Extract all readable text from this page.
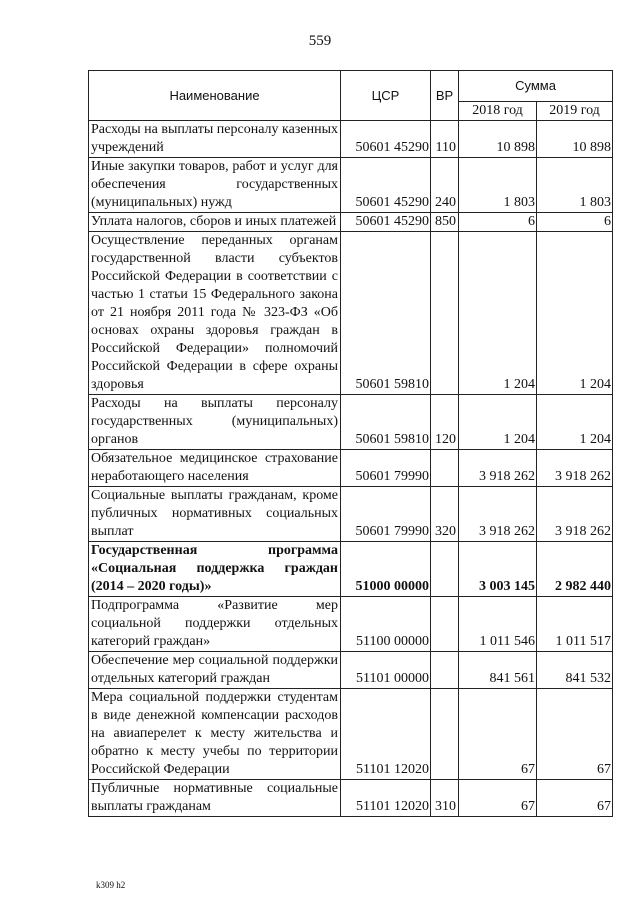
559
Наименование	ЦСР	ВР	Сумма	
			2018 год	2019 год
Расходы на выплаты персоналу казенных учреждений	50601 45290	110	10 898	10 898
Иные закупки товаров, работ и услуг для обеспечения государственных (муниципальных) нужд	50601 45290	240	1 803	1 803
Уплата налогов, сборов и иных платежей	50601 45290	850	6	6
Осуществление переданных органам государственной власти субъектов Российской Федерации в соответствии с частью 1 статьи 15 Федерального закона от 21 ноября 2011 года № 323-ФЗ «Об основах охраны здоровья граждан в Российской Федерации» полномочий Российской Федерации в сфере охраны здоровья	50601 59810		1 204	1 204
Расходы на выплаты персоналу государственных (муниципальных) органов	50601 59810	120	1 204	1 204
Обязательное медицинское страхование неработающего населения	50601 79990		3 918 262	3 918 262
Социальные выплаты гражданам, кроме публичных нормативных социальных выплат	50601 79990	320	3 918 262	3 918 262
Государственная программа «Социальная поддержка граждан (2014 – 2020 годы)»	51000 00000		3 003 145	2 982 440
Подпрограмма «Развитие мер социальной поддержки отдельных категорий граждан»	51100 00000		1 011 546	1 011 517
Обеспечение мер социальной поддержки отдельных категорий граждан	51101 00000		841 561	841 532
Мера социальной поддержки студентам в виде денежной компенсации расходов на авиаперелет к месту жительства и обратно к месту учебы по территории Российской Федерации	51101 12020		67	67
Публичные нормативные социальные выплаты гражданам	51101 12020	310	67	67
k309 h2
